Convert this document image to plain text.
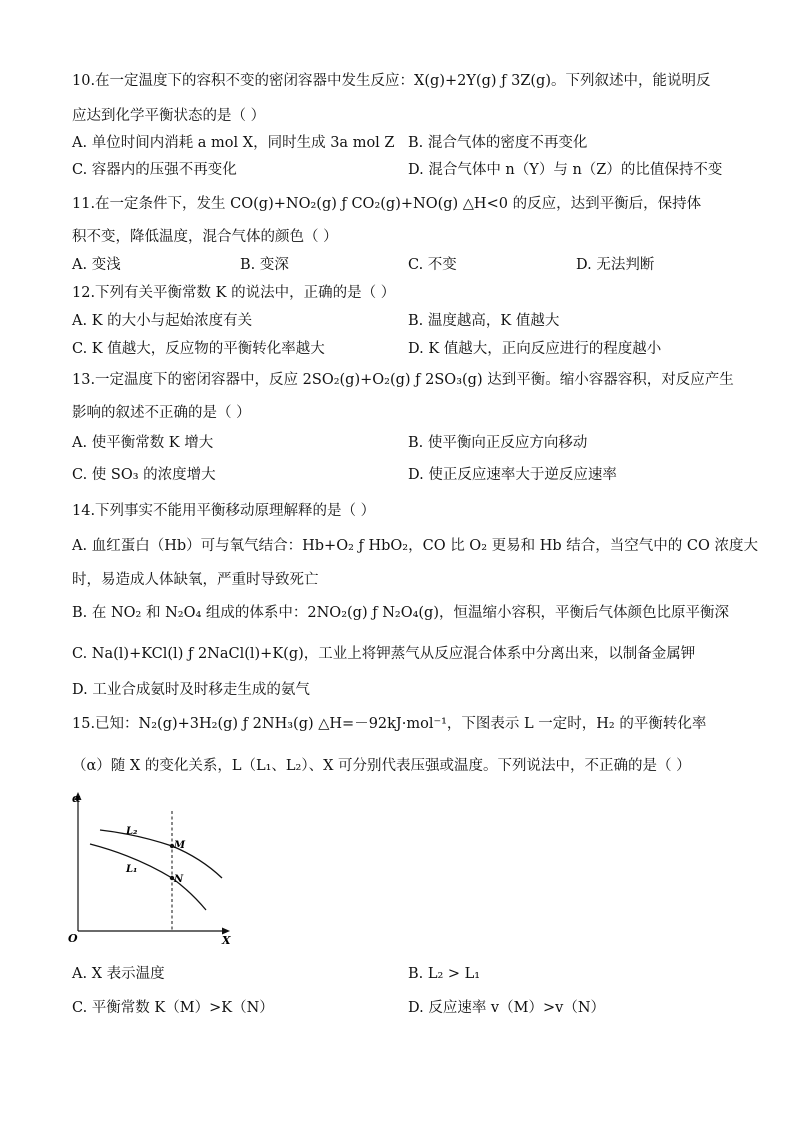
10.在一定温度下的容积不变的密闭容器中发生反应：X(g)+2Y(g) ƒ 3Z(g)。下列叙述中，能说明反
应达到化学平衡状态的是（ ）
A. 单位时间内消耗 a mol X，同时生成 3a mol Z B. 混合气体的密度不再变化
C. 容器内的压强不再变化	D. 混合气体中 n（Y）与 n（Z）的比值保持不变
11.在一定条件下，发生 CO(g)+NO₂(g) ƒ CO₂(g)+NO(g) △H<0 的反应，达到平衡后，保持体
积不变，降低温度，混合气体的颜色（ ）
A. 变浅	B. 变深	C. 不变	D. 无法判断
12.下列有关平衡常数 K 的说法中，正确的是（ ）
A. K 的大小与起始浓度有关	B. 温度越高，K 值越大
C. K 值越大，反应物的平衡转化率越大	D. K 值越大，正向反应进行的程度越小
13.一定温度下的密闭容器中，反应 2SO₂(g)+O₂(g) ƒ 2SO₃(g) 达到平衡。缩小容器容积，对反应产生
影响的叙述不正确的是（ ）
A. 使平衡常数 K 增大	B. 使平衡向正反应方向移动
C. 使 SO₃ 的浓度增大	D. 使正反应速率大于逆反应速率
14.下列事实不能用平衡移动原理解释的是（ ）
A. 血红蛋白（Hb）可与氧气结合：Hb+O₂ ƒ HbO₂，CO 比 O₂ 更易和 Hb 结合，当空气中的 CO 浓度大
时，易造成人体缺氧，严重时导致死亡
B. 在 NO₂ 和 N₂O₄ 组成的体系中：2NO₂(g) ƒ N₂O₄(g)，恒温缩小容积，平衡后气体颜色比原平衡深
C. Na(l)+KCl(l) ƒ 2NaCl(l)+K(g)，工业上将钾蒸气从反应混合体系中分离出来，以制备金属钾
D. 工业合成氨时及时移走生成的氨气
15.已知：N₂(g)+3H₂(g) ƒ 2NH₃(g) △H=－92kJ·mol⁻¹，下图表示 L 一定时，H₂ 的平衡转化率
（α）随 X 的变化关系，L（L₁、L₂）、X 可分别代表压强或温度。下列说法中，不正确的是（ ）
α
X
O
L₂
L₁
M
N
A. X 表示温度	B. L₂ > L₁
C. 平衡常数 K（M）>K（N）	D. 反应速率 v（M）>v（N）
